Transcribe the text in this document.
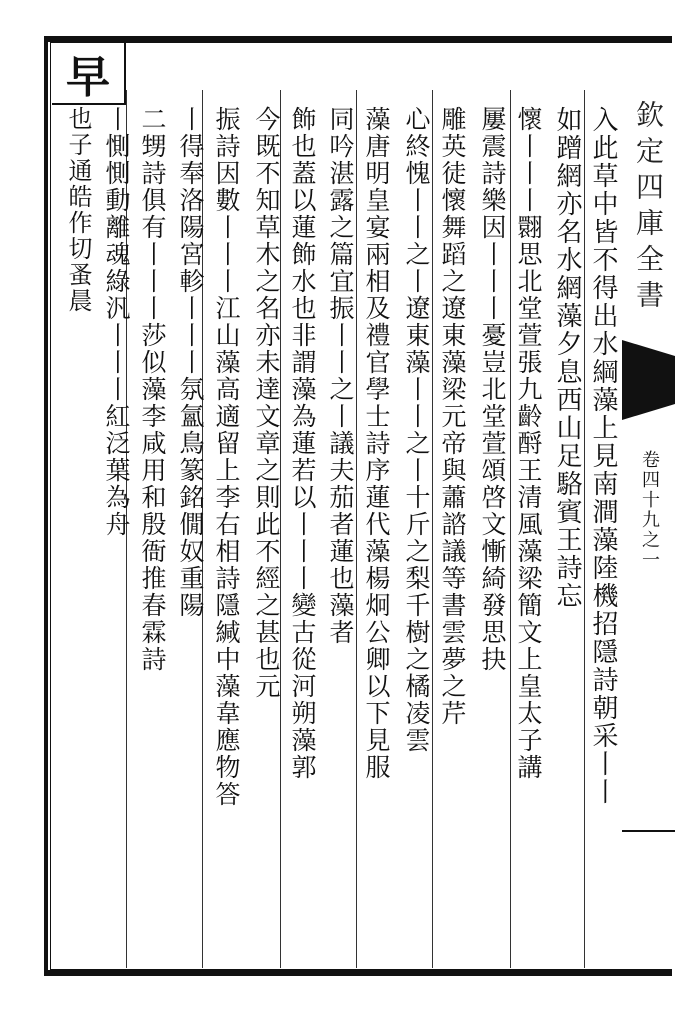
早
入此草中皆不得出水綱藻上見南澗藻陸機招隱詩朝采丨丨
如蹭網亦名水網藻夕息西山足駱賓王詩忘
懷丨丨丨翾思北堂萱張九齡酹王清風藻梁簡文上皇太子講
屢震詩樂因丨丨丨憂豈北堂萱頌啓文慚綺發思抉
雕英徒懷舞蹈之遼東藻梁元帝與蕭諮議等書雲夢之芹
心終愧丨丨之丨遼東藻丨丨之丨十斤之梨千樹之橘凌雲
藻唐明皇宴兩相及禮官學士詩序蓮代藻楊炯公卿以下見服
同吟湛露之篇宜振丨丨之丨議夫茄者蓮也藻者
飾也蓋以蓮飾水也非謂藻為蓮若以丨丨丨變古從河朔藻郭
今既不知草木之名亦未達文章之則此不經之甚也元
振詩因數丨丨丨江山藻高適留上李右相詩隱緘中藻韋應物答
丨得奉洛陽宮軫丨丨丨氛氳鳥篆銘僩奴重陽
二甥詩俱有丨丨丨莎似藻李咸用和殷衙推春霖詩
丨惻惻動離魂綠汎丨丨丨紅泛葉為舟
也子通皓作切蚤晨	欽定四庫全書
卷四十九之一
